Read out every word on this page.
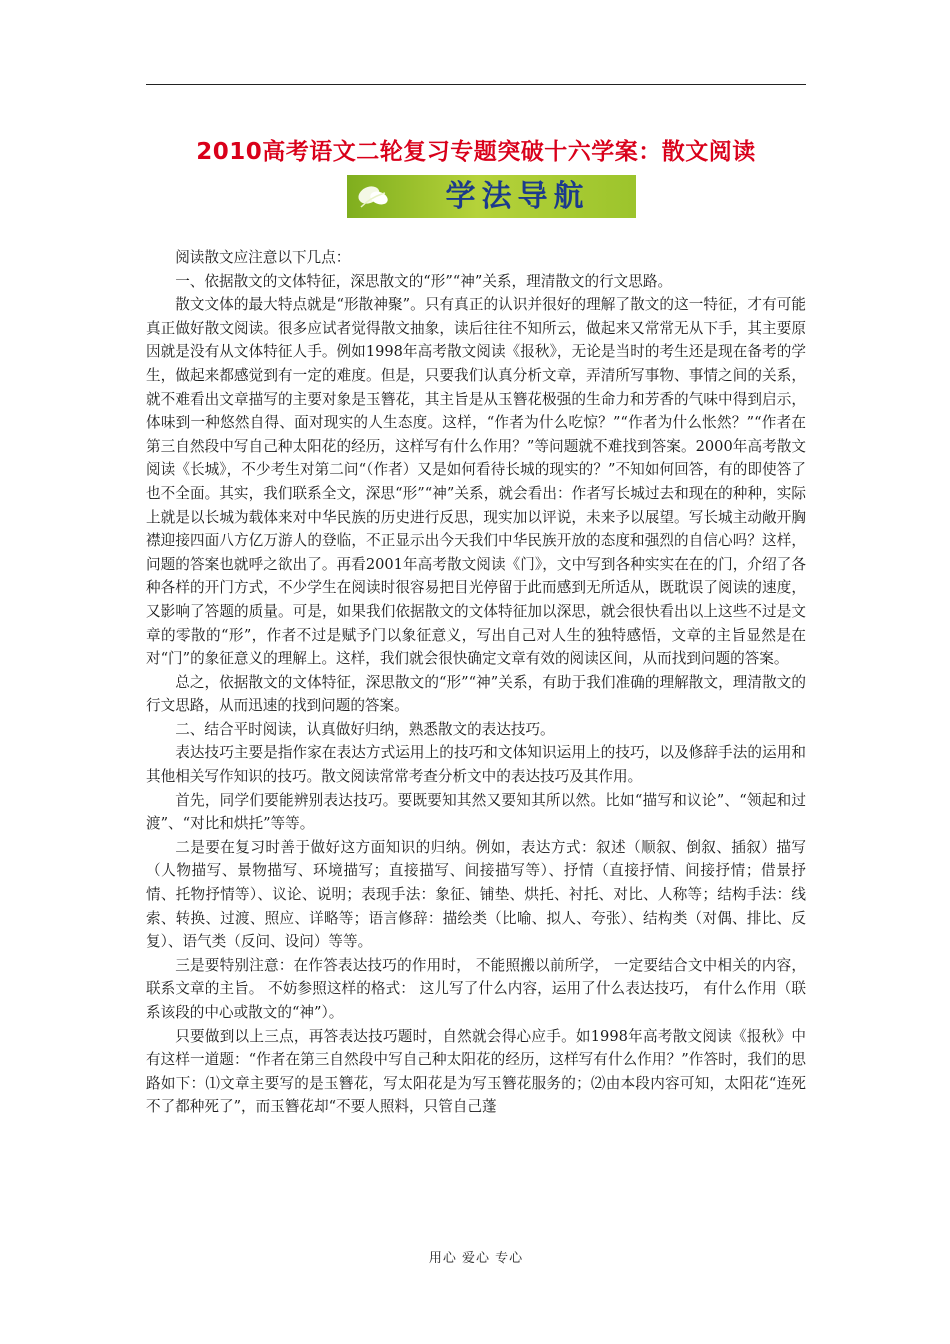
2010高考语文二轮复习专题突破十六学案：散文阅读
学法导航

阅读散文应注意以下几点：

一、依据散文的文体特征，深思散文的“形”“神”关系，理清散文的行文思路。

散文文体的最大特点就是“形散神聚”。只有真正的认识并很好的理解了散文的这一特征，才有可能真正做好散文阅读。很多应试者觉得散文抽象，读后往往不知所云，做起来又常常无从下手，其主要原因就是没有从文体特征人手。例如1998年高考散文阅读《报秋》，无论是当时的考生还是现在备考的学生，做起来都感觉到有一定的难度。但是，只要我们认真分析文章，弄清所写事物、事情之间的关系，就不难看出文章描写的主要对象是玉簪花，其主旨是从玉簪花极强的生命力和芳香的气味中得到启示，体味到一种悠然自得、面对现实的人生态度。这样，“作者为什么吃惊？”“作者为什么怅然？”“作者在第三自然段中写自己种太阳花的经历，这样写有什么作用？”等问题就不难找到答案。2000年高考散文阅读《长城》，不少考生对第二问“（作者）又是如何看待长城的现实的？”不知如何回答，有的即使答了也不全面。其实，我们联系全文，深思“形”“神”关系，就会看出：作者写长城过去和现在的种种，实际上就是以长城为载体来对中华民族的历史进行反思，现实加以评说，未来予以展望。写长城主动敞开胸襟迎接四面八方亿万游人的登临，不正显示出今天我们中华民族开放的态度和强烈的自信心吗？这样，问题的答案也就呼之欲出了。再看2001年高考散文阅读《门》，文中写到各种实实在在的门，介绍了各种各样的开门方式，不少学生在阅读时很容易把目光停留于此而感到无所适从，既耽误了阅读的速度，又影响了答题的质量。可是，如果我们依据散文的文体特征加以深思，就会很快看出以上这些不过是文章的零散的“形”，作者不过是赋予门以象征意义，写出自己对人生的独特感悟，文章的主旨显然是在对“门”的象征意义的理解上。这样，我们就会很快确定文章有效的阅读区间，从而找到问题的答案。

总之，依据散文的文体特征，深思散文的“形”“神”关系，有助于我们准确的理解散文，理清散文的行文思路，从而迅速的找到问题的答案。

二、结合平时阅读，认真做好归纳，熟悉散文的表达技巧。

表达技巧主要是指作家在表达方式运用上的技巧和文体知识运用上的技巧，以及修辞手法的运用和其他相关写作知识的技巧。散文阅读常常考查分析文中的表达技巧及其作用。

首先，同学们要能辨别表达技巧。要既要知其然又要知其所以然。比如“描写和议论”、“领起和过渡”、“对比和烘托”等等。

二是要在复习时善于做好这方面知识的归纳。例如，表达方式：叙述（顺叙、倒叙、插叙）描写（人物描写、景物描写、环境描写；直接描写、间接描写等）、抒情（直接抒情、间接抒情；借景抒情、托物抒情等）、议论、说明；表现手法：象征、铺垫、烘托、衬托、对比、人称等；结构手法：线索、转换、过渡、照应、详略等；语言修辞：描绘类（比喻、拟人、夸张）、结构类（对偶、排比、反复）、语气类（反问、设问）等等。

三是要特别注意：在作答表达技巧的作用时， 不能照搬以前所学， 一定要结合文中相关的内容， 联系文章的主旨。 不妨参照这样的格式： 这儿写了什么内容，运用了什么表达技巧， 有什么作用（联系该段的中心或散文的“神”）。

只要做到以上三点，再答表达技巧题时，自然就会得心应手。如1998年高考散文阅读《报秋》中有这样一道题：“作者在第三自然段中写自己种太阳花的经历，这样写有什么作用？”作答时，我们的思路如下：⑴文章主要写的是玉簪花，写太阳花是为写玉簪花服务的；⑵由本段内容可知，太阳花“连死不了都种死了”，而玉簪花却“不要人照料，只管自己蓬

用心 爱心 专心
